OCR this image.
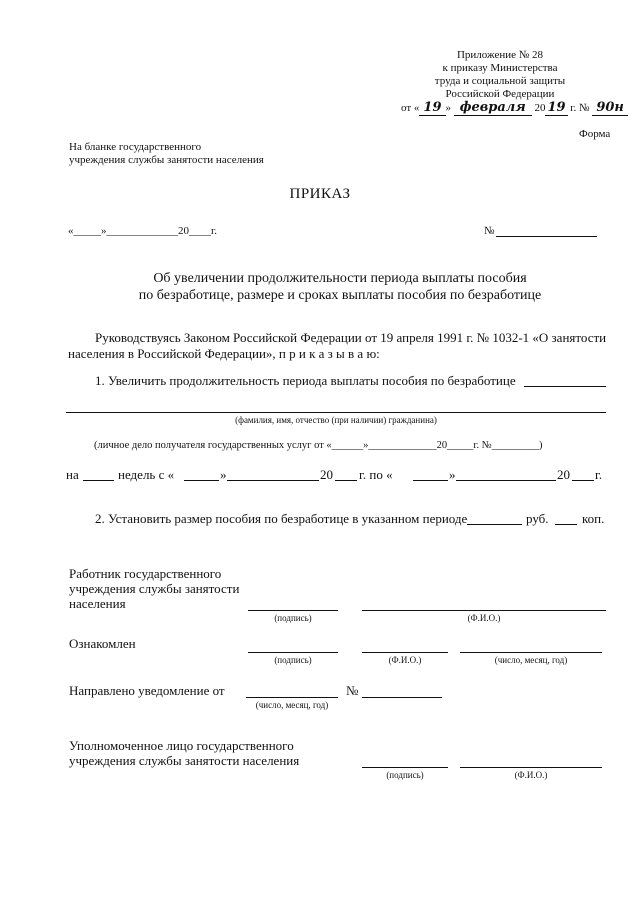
Приложение № 28
к приказу Министерства
труда и социальной защиты
Российской Федерации
от « 19 » февраля 20 19 г. № 90н
Форма
На бланке государственного
учреждения службы занятости населения
ПРИКАЗ
«_____»_____________20____г.	№
Об увеличении продолжительности периода выплаты пособия
по безработице, размере и сроках выплаты пособия по безработице
Руководствуясь Законом Российской Федерации от 19 апреля 1991 г. № 1032-1 «О занятости
населения в Российской Федерации», п р и к а з ы в а ю:
1. Увеличить продолжительность периода выплаты пособия по безработице
(фамилия, имя, отчество (при наличии) гражданина)
(личное дело получателя государственных услуг от «______»_____________20_____г. №_________)
на	недель с «	»	20 г. по «	»	20 г.
2. Установить размер пособия по безработице в указанном периоде	руб.	коп.
Работник государственного
учреждения службы занятости
населения
(подпись)	(Ф.И.О.)
Ознакомлен
(подпись)	(Ф.И.О.)	(число, месяц, год)
Направлено уведомление от
(число, месяц, год)
№
Уполномоченное лицо государственного
учреждения службы занятости населения
(подпись)	(Ф.И.О.)
